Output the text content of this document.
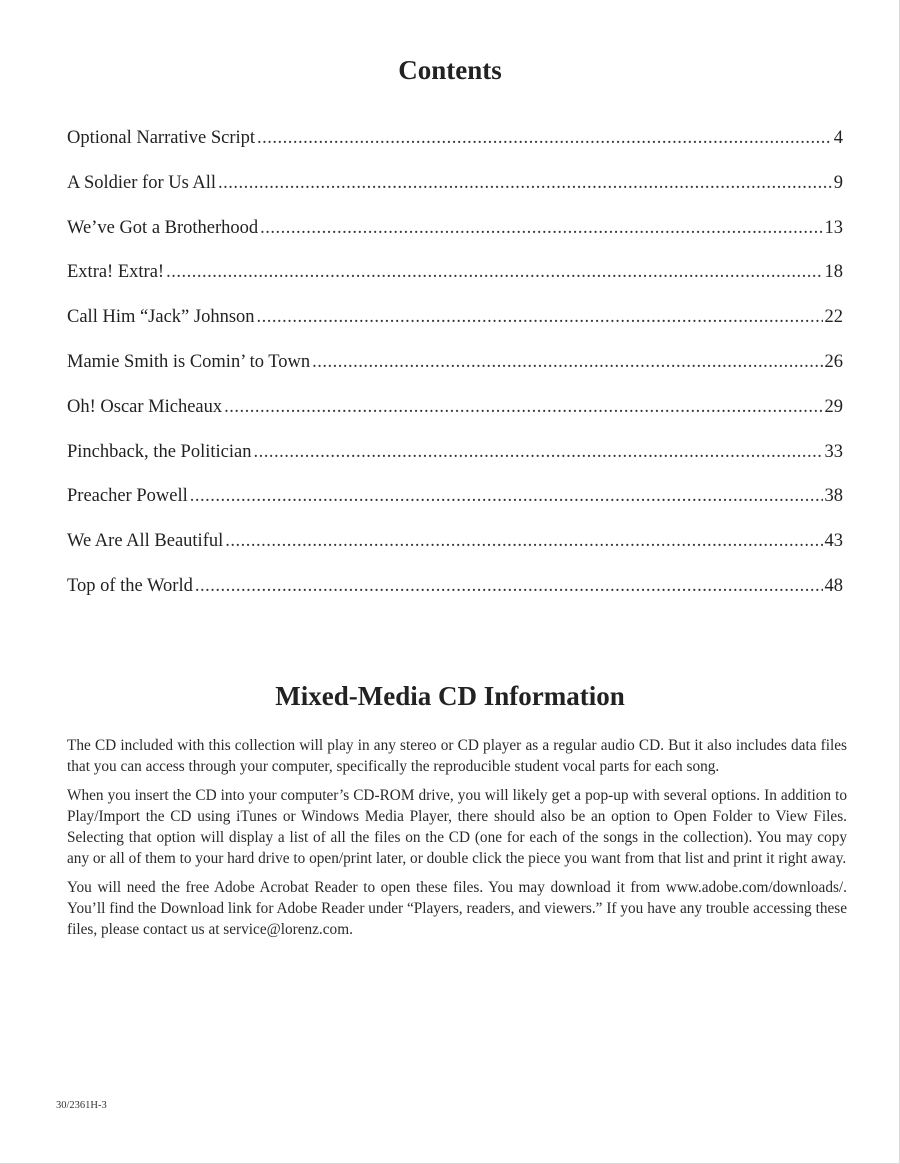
Contents
Optional Narrative Script .....	4
A Soldier for Us All .....	9
We’ve Got a Brotherhood .....	13
Extra! Extra! .....	18
Call Him “Jack” Johnson .....	22
Mamie Smith is Comin’ to Town .....	26
Oh! Oscar Micheaux .....	29
Pinchback, the Politician .....	33
Preacher Powell .....	38
We Are All Beautiful .....	43
Top of the World .....	48
Mixed-Media CD Information

The CD included with this collection will play in any stereo or CD player as a regular audio CD. But it also includes data files that you can access through your computer, specifically the reproducible student vocal parts for each song.

When you insert the CD into your computer’s CD-ROM drive, you will likely get a pop-up with several options. In addition to Play/Import the CD using iTunes or Windows Media Player, there should also be an option to Open Folder to View Files. Selecting that option will display a list of all the files on the CD (one for each of the songs in the collection). You may copy any or all of them to your hard drive to open/print later, or double click the piece you want from that list and print it right away.

You will need the free Adobe Acrobat Reader to open these files. You may download it from www.adobe.com/downloads/. You’ll find the Download link for Adobe Reader under “Players, readers, and viewers.” If you have any trouble accessing these files, please contact us at service@lorenz.com.

30/2361H-3
